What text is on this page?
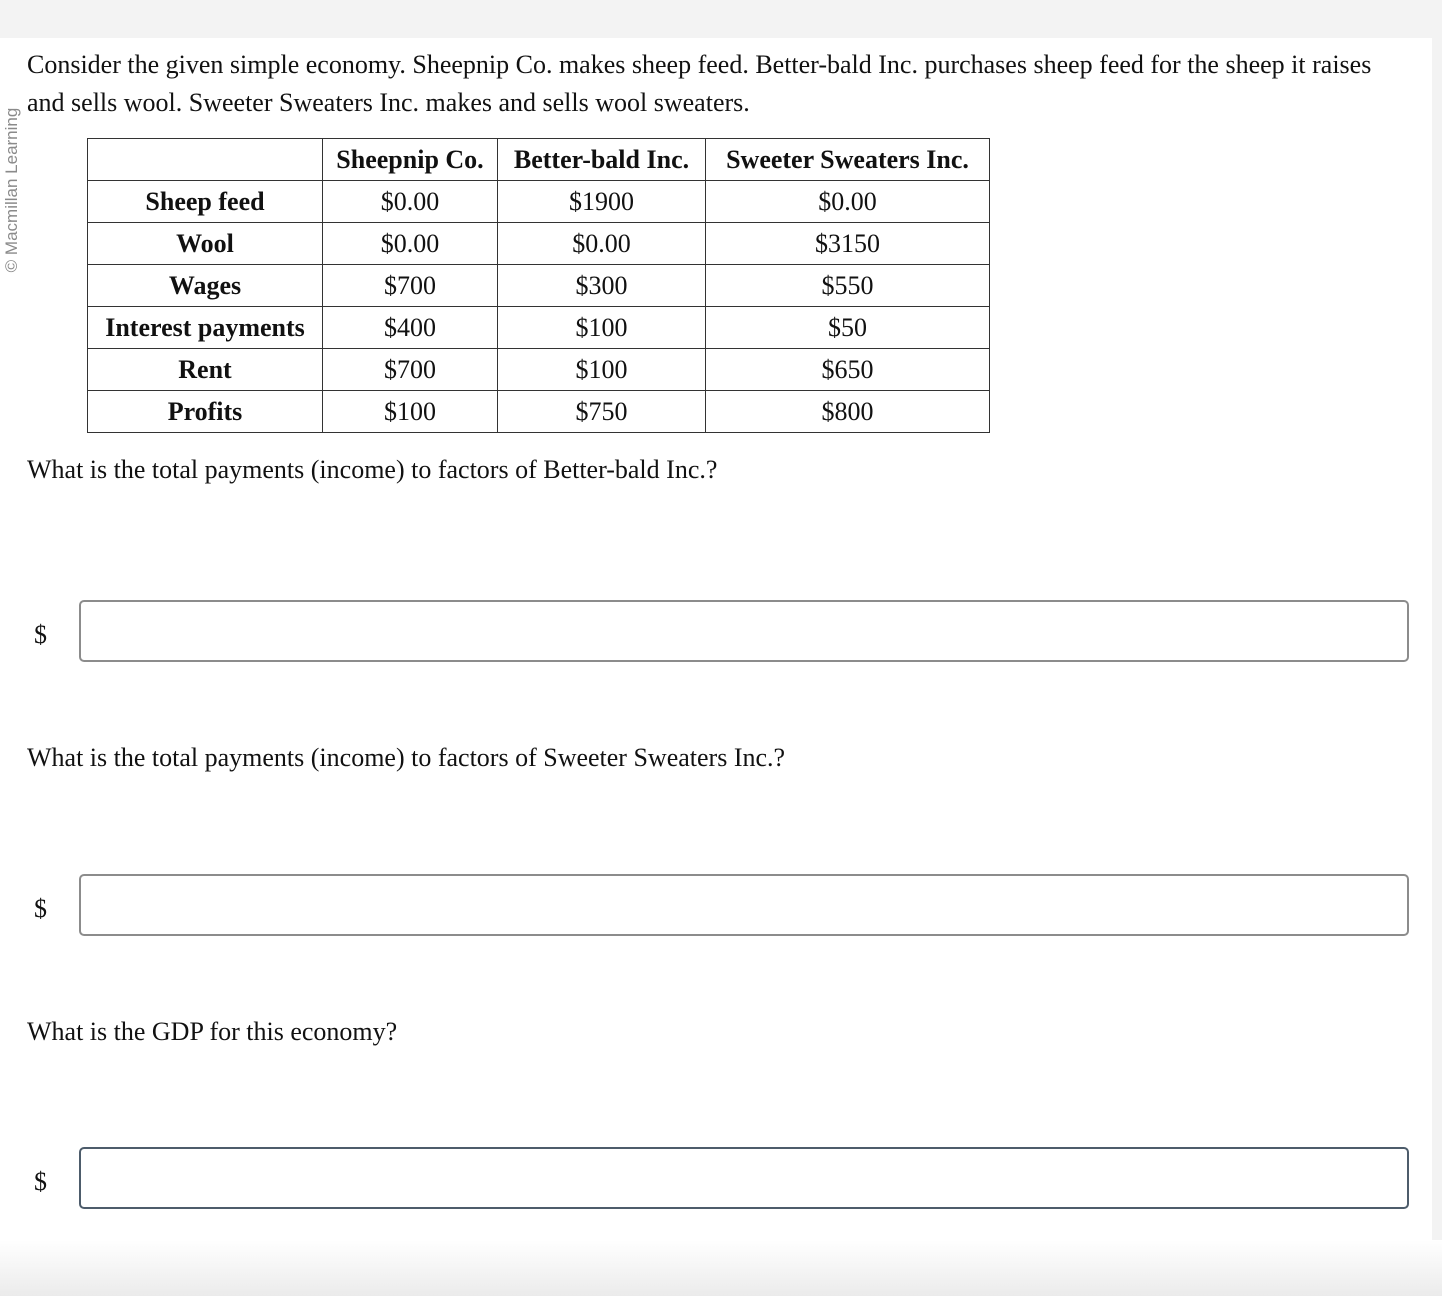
© Macmillan Learning
Consider the given simple economy. Sheepnip Co. makes sheep feed. Better-bald Inc. purchases sheep feed for the sheep it raises and sells wool. Sweeter Sweaters Inc. makes and sells wool sweaters.
	Sheepnip Co.	Better-bald Inc.	Sweeter Sweaters Inc.
Sheep feed	$0.00	$1900	$0.00
Wool	$0.00	$0.00	$3150
Wages	$700	$300	$550
Interest payments	$400	$100	$50
Rent	$700	$100	$650
Profits	$100	$750	$800
What is the total payments (income) to factors of Better-bald Inc.?
$
What is the total payments (income) to factors of Sweeter Sweaters Inc.?
$
What is the GDP for this economy?
$
